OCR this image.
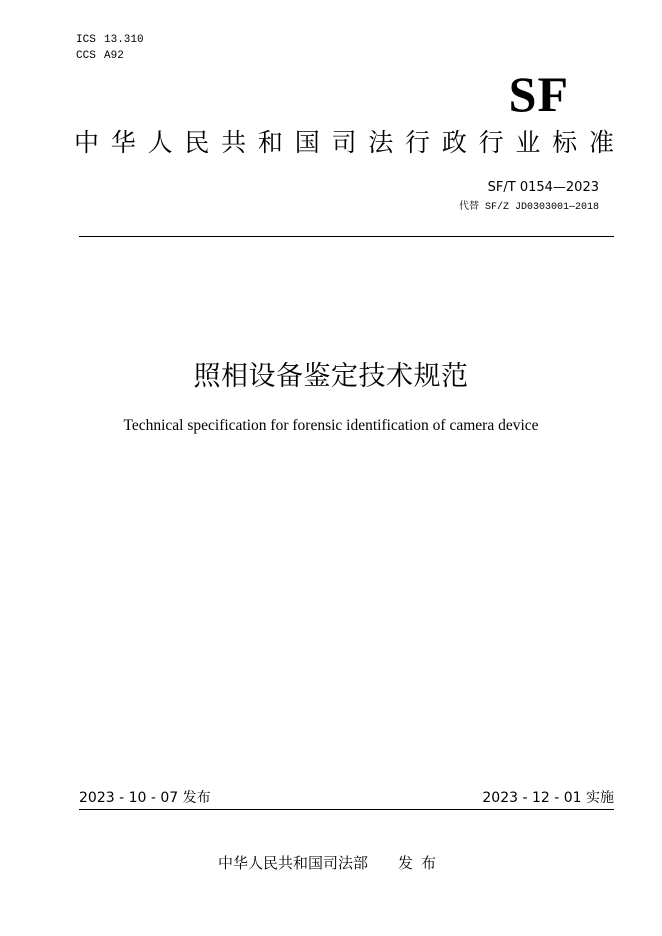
ICS 13.310
CCS A92
SF
中 华 人 民 共 和 国 司 法 行 政 行 业 标 准
SF/T 0154—2023
代替 SF/Z JD0303001—2018
照相设备鉴定技术规范
Technical specification for forensic identification of camera device
2023 - 10 - 07 发布	2023 - 12 - 01 实施
中华人民共和国司法部 发布
